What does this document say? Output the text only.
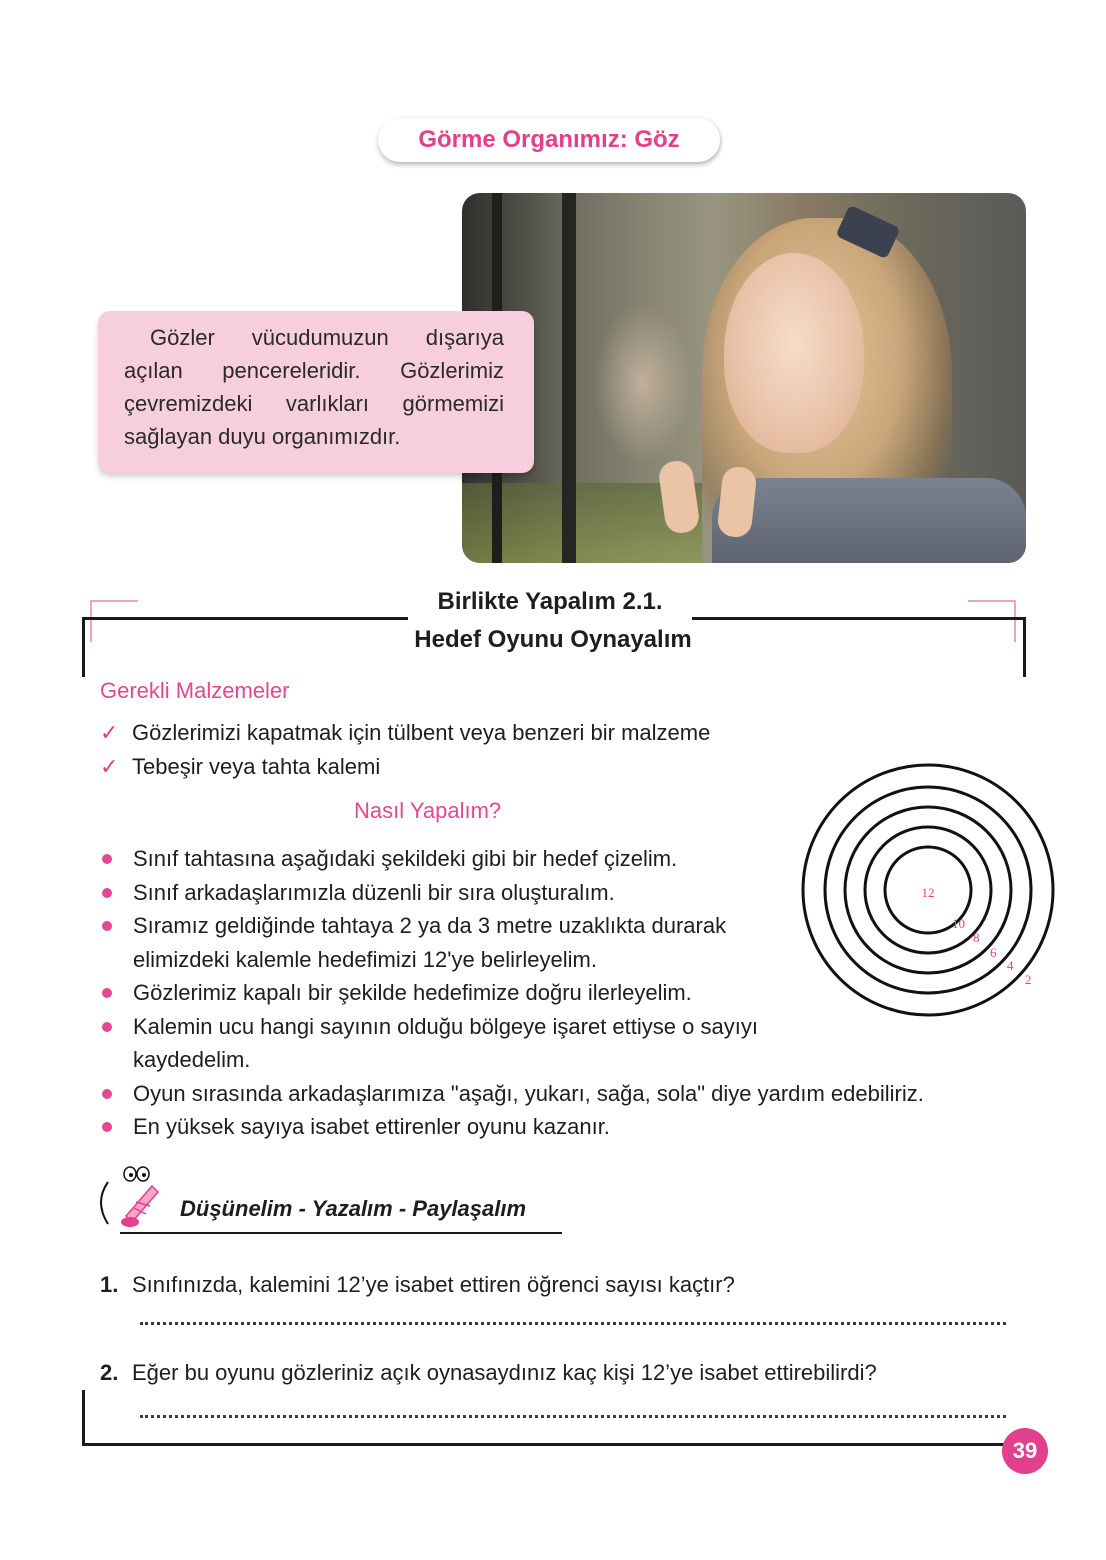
Görme Organımız: Göz

Gözler vücudumuzun dışarıya açılan pencereleridir. Gözlerimiz çevremizdeki varlıkları görmemizi sağlayan duyu organımızdır.

Birlikte Yapalım 2.1.
Hedef Oyunu Oynayalım
Gerekli Malzemeler
✓ Gözlerimizi kapatmak için tülbent veya benzeri bir malzeme
✓ Tebeşir veya tahta kalemi
Nasıl Yapalım?
12
10
8
6
4
2
Sınıf tahtasına aşağıdaki şekildeki gibi bir hedef çizelim.
Sınıf arkadaşlarımızla düzenli bir sıra oluşturalım.
Sıramız geldiğinde tahtaya 2 ya da 3 metre uzaklıkta durarak elimizdeki kalemle hedefimizi 12'ye belirleyelim.
Gözlerimiz kapalı bir şekilde hedefimize doğru ilerleyelim.
Kalemin ucu hangi sayının olduğu bölgeye işaret ettiyse o sayıyı kaydedelim.
Oyun sırasında arkadaşlarımıza "aşağı, yukarı, sağa, sola" diye yardım edebiliriz.
En yüksek sayıya isabet ettirenler oyunu kazanır.
Düşünelim - Yazalım - Paylaşalım
1. Sınıfınızda, kalemini 12’ye isabet ettiren öğrenci sayısı kaçtır?
2. Eğer bu oyunu gözleriniz açık oynasaydınız kaç kişi 12’ye isabet ettirebilirdi?
39
